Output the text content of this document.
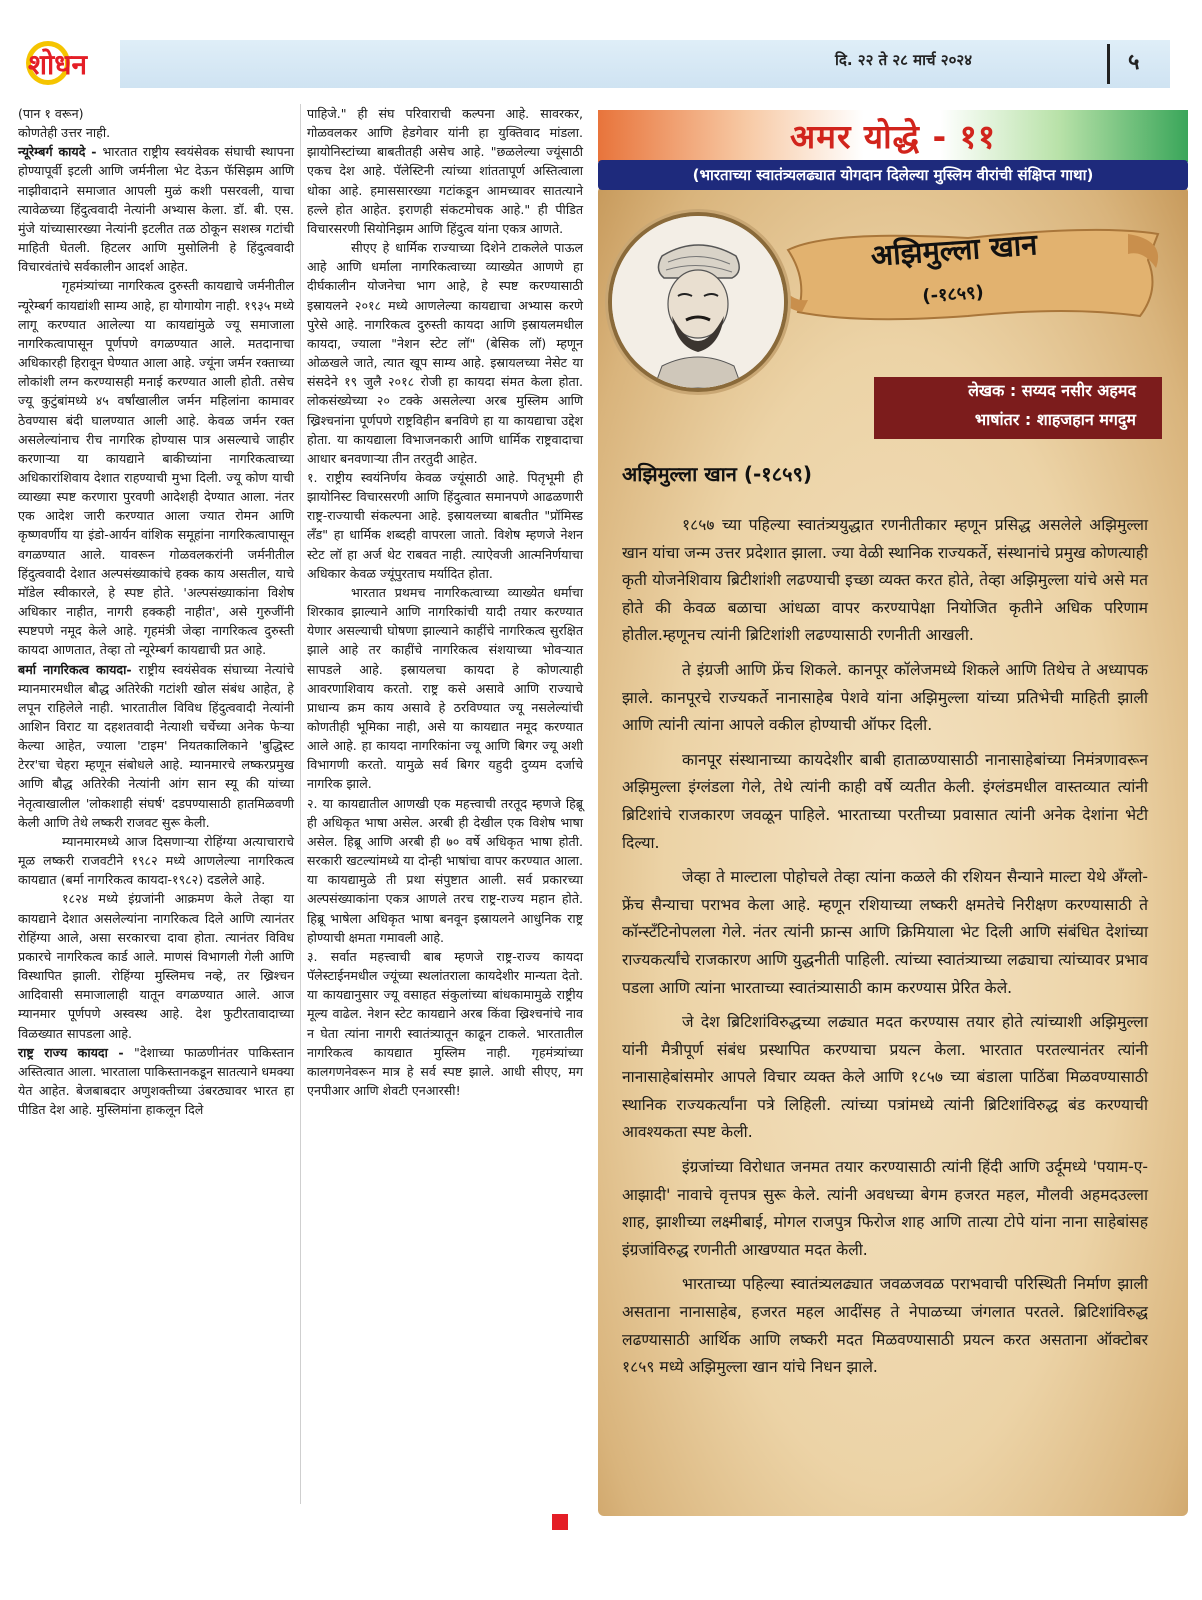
शोधन	दि. २२ ते २८ मार्च २०२४	५

(पान १ वरून)

कोणतेही उत्तर नाही.

न्यूरेम्बर्ग कायदे - भारतात राष्ट्रीय स्वयंसेवक संघाची स्थापना होण्यापूर्वी इटली आणि जर्मनीला भेट देऊन फॅसिझम आणि नाझीवादाने समाजात आपली मुळं कशी पसरवली, याचा त्यावेळच्या हिंदुत्ववादी नेत्यांनी अभ्यास केला. डॉ. बी. एस. मुंजे यांच्यासारख्या नेत्यांनी इटलीत तळ ठोकून सशस्त्र गटांची माहिती घेतली. हिटलर आणि मुसोलिनी हे हिंदुत्ववादी विचारवंतांचे सर्वकालीन आदर्श आहेत.

गृहमंत्र्यांच्या नागरिकत्व दुरुस्ती कायद्याचे जर्मनीतील न्यूरेम्बर्ग कायद्यांशी साम्य आहे, हा योगायोग नाही. १९३५ मध्ये लागू करण्यात आलेल्या या कायद्यांमुळे ज्यू समाजाला नागरिकत्वापासून पूर्णपणे वगळण्यात आले. मतदानाचा अधिकारही हिरावून घेण्यात आला आहे. ज्यूंना जर्मन रक्ताच्या लोकांशी लग्न करण्यासही मनाई करण्यात आली होती. तसेच ज्यू कुटुंबांमध्ये ४५ वर्षांखालील जर्मन महिलांना कामावर ठेवण्यास बंदी घालण्यात आली आहे. केवळ जर्मन रक्त असलेल्यांनाच रीच नागरिक होण्यास पात्र असल्याचे जाहीर करणाऱ्या या कायद्याने बाकीच्यांना नागरिकत्वाच्या अधिकारांशिवाय देशात राहण्याची मुभा दिली. ज्यू कोण याची व्याख्या स्पष्ट करणारा पुरवणी आदेशही देण्यात आला. नंतर एक आदेश जारी करण्यात आला ज्यात रोमन आणि कृष्णवर्णीय या इंडो-आर्यन वांशिक समूहांना नागरिकत्वापासून वगळण्यात आले. यावरून गोळवलकरांनी जर्मनीतील हिंदुत्ववादी देशात अल्पसंख्याकांचे हक्क काय असतील, याचे मॉडेल स्वीकारले, हे स्पष्ट होते. 'अल्पसंख्याकांना विशेष अधिकार नाहीत, नागरी हक्कही नाहीत', असे गुरुजींनी स्पष्टपणे नमूद केले आहे. गृहमंत्री जेव्हा नागरिकत्व दुरुस्ती कायदा आणतात, तेव्हा तो न्यूरेम्बर्ग कायद्याची प्रत आहे.

बर्मा नागरिकत्व कायदा- राष्ट्रीय स्वयंसेवक संघाच्या नेत्यांचे म्यानमारमधील बौद्ध अतिरेकी गटांशी खोल संबंध आहेत, हे लपून राहिलेले नाही. भारतातील विविध हिंदुत्ववादी नेत्यांनी आशिन विराट या दहशतवादी नेत्याशी चर्चेच्या अनेक फेऱ्या केल्या आहेत, ज्याला 'टाइम' नियतकालिकाने 'बुद्धिस्ट टेरर'चा चेहरा म्हणून संबोधले आहे. म्यानमारचे लष्करप्रमुख आणि बौद्ध अतिरेकी नेत्यांनी आंग सान स्यू की यांच्या नेतृत्वाखालील 'लोकशाही संघर्ष' दडपण्यासाठी हातमिळवणी केली आणि तेथे लष्करी राजवट सुरू केली.

म्यानमारमध्ये आज दिसणाऱ्या रोहिंग्या अत्याचाराचे मूळ लष्करी राजवटीने १९८२ मध्ये आणलेल्या नागरिकत्व कायद्यात (बर्मा नागरिकत्व कायदा-१९८२) दडलेले आहे.

१८२४ मध्ये इंग्रजांनी आक्रमण केले तेव्हा या कायद्याने देशात असलेल्यांना नागरिकत्व दिले आणि त्यानंतर रोहिंग्या आले, असा सरकारचा दावा होता. त्यानंतर विविध प्रकारचे नागरिकत्व कार्ड आले. माणसं विभागली गेली आणि विस्थापित झाली. रोहिंग्या मुस्लिमच नव्हे, तर ख्रिश्चन आदिवासी समाजालाही यातून वगळण्यात आले. आज म्यानमार पूर्णपणे अस्वस्थ आहे. देश फुटीरतावादाच्या विळख्यात सापडला आहे.

राष्ट्र राज्य कायदा - "देशाच्या फाळणीनंतर पाकिस्तान अस्तित्वात आला. भारताला पाकिस्तानकडून सातत्याने धमक्या येत आहेत. बेजबाबदार अणुशक्तीच्या उंबरठ्यावर भारत हा पीडित देश आहे. मुस्लिमांना हाकलून दिले

पाहिजे." ही संघ परिवाराची कल्पना आहे. सावरकर, गोळवलकर आणि हेडगेवार यांनी हा युक्तिवाद मांडला. झायोनिस्टांच्या बाबतीतही असेच आहे. "छळलेल्या ज्यूंसाठी एकच देश आहे. पॅलेस्टिनी त्यांच्या शांततापूर्ण अस्तित्वाला धोका आहे. हमाससारख्या गटांकडून आमच्यावर सातत्याने हल्ले होत आहेत. इराणही संकटमोचक आहे." ही पीडित विचारसरणी सियोनिझम आणि हिंदुत्व यांना एकत्र आणते.

सीएए हे धार्मिक राज्याच्या दिशेने टाकलेले पाऊल आहे आणि धर्माला नागरिकत्वाच्या व्याख्येत आणणे हा दीर्घकालीन योजनेचा भाग आहे, हे स्पष्ट करण्यासाठी इस्रायलने २०१८ मध्ये आणलेल्या कायद्याचा अभ्यास करणे पुरेसे आहे. नागरिकत्व दुरुस्ती कायदा आणि इस्रायलमधील कायदा, ज्याला "नेशन स्टेट लॉ" (बेसिक लॉ) म्हणून ओळखले जाते, त्यात खूप साम्य आहे. इस्रायलच्या नेसेट या संसदेने १९ जुलै २०१८ रोजी हा कायदा संमत केला होता. लोकसंख्येच्या २० टक्के असलेल्या अरब मुस्लिम आणि ख्रिश्चनांना पूर्णपणे राष्ट्रविहीन बनविणे हा या कायद्याचा उद्देश होता. या कायद्याला विभाजनकारी आणि धार्मिक राष्ट्रवादाचा आधार बनवणाऱ्या तीन तरतुदी आहेत.

१. राष्ट्रीय स्वयंनिर्णय केवळ ज्यूंसाठी आहे. पितृभूमी ही झायोनिस्ट विचारसरणी आणि हिंदुत्वात समानपणे आढळणारी राष्ट्र-राज्याची संकल्पना आहे. इस्रायलच्या बाबतीत "प्रॉमिस्ड लँड" हा धार्मिक शब्दही वापरला जातो. विशेष म्हणजे नेशन स्टेट लॉ हा अर्ज थेट राबवत नाही. त्याऐवजी आत्मनिर्णयाचा अधिकार केवळ ज्यूंपुरताच मर्यादित होता.

भारतात प्रथमच नागरिकत्वाच्या व्याख्येत धर्माचा शिरकाव झाल्याने आणि नागरिकांची यादी तयार करण्यात येणार असल्याची घोषणा झाल्याने काहींचे नागरिकत्व सुरक्षित झाले आहे तर काहींचे नागरिकत्व संशयाच्या भोवऱ्यात सापडले आहे. इस्रायलचा कायदा हे कोणत्याही आवरणाशिवाय करतो. राष्ट्र कसे असावे आणि राज्याचे प्राधान्य क्रम काय असावे हे ठरविण्यात ज्यू नसलेल्यांची कोणतीही भूमिका नाही, असे या कायद्यात नमूद करण्यात आले आहे. हा कायदा नागरिकांना ज्यू आणि बिगर ज्यू अशी विभागणी करतो. यामुळे सर्व बिगर यहुदी दुय्यम दर्जाचे नागरिक झाले.

२. या कायद्यातील आणखी एक महत्त्वाची तरतूद म्हणजे हिब्रू ही अधिकृत भाषा असेल. अरबी ही देखील एक विशेष भाषा असेल. हिब्रू आणि अरबी ही ७० वर्षे अधिकृत भाषा होती. सरकारी खटल्यांमध्ये या दोन्ही भाषांचा वापर करण्यात आला. या कायद्यामुळे ती प्रथा संपुष्टात आली. सर्व प्रकारच्या अल्पसंख्याकांना एकत्र आणले तरच राष्ट्र-राज्य महान होते. हिब्रू भाषेला अधिकृत भाषा बनवून इस्रायलने आधुनिक राष्ट्र होण्याची क्षमता गमावली आहे.

३. सर्वात महत्त्वाची बाब म्हणजे राष्ट्र-राज्य कायदा पॅलेस्टाईनमधील ज्यूंच्या स्थलांतराला कायदेशीर मान्यता देतो. या कायद्यानुसार ज्यू वसाहत संकुलांच्या बांधकामामुळे राष्ट्रीय मूल्य वाढेल. नेशन स्टेट कायद्याने अरब किंवा ख्रिश्चनांचे नाव न घेता त्यांना नागरी स्वातंत्र्यातून काढून टाकले. भारतातील नागरिकत्व कायद्यात मुस्लिम नाही. गृहमंत्र्यांच्या कालगणनेवरून मात्र हे सर्व स्पष्ट झाले. आधी सीएए, मग एनपीआर आणि शेवटी एनआरसी!

अमर योद्धे - ११
(भारताच्या स्वातंत्र्यलढ्यात योगदान दिलेल्या मुस्लिम वीरांची संक्षिप्त गाथा)
अझिमुल्ला खान
(-१८५९)
लेखक : सय्यद नसीर अहमद
भाषांतर : शाहजहान मगदुम
अझिमुल्ला खान (-१८५९)

१८५७ च्या पहिल्या स्वातंत्र्ययुद्धात रणनीतीकार म्हणून प्रसिद्ध असलेले अझिमुल्ला खान यांचा जन्म उत्तर प्रदेशात झाला. ज्या वेळी स्थानिक राज्यकर्ते, संस्थानांचे प्रमुख कोणत्याही कृती योजनेशिवाय ब्रिटीशांशी लढण्याची इच्छा व्यक्त करत होते, तेव्हा अझिमुल्ला यांचे असे मत होते की केवळ बळाचा आंधळा वापर करण्यापेक्षा नियोजित कृतीने अधिक परिणाम होतील.म्हणूनच त्यांनी ब्रिटिशांशी लढण्यासाठी रणनीती आखली.

ते इंग्रजी आणि फ्रेंच शिकले. कानपूर कॉलेजमध्ये शिकले आणि तिथेच ते अध्यापक झाले. कानपूरचे राज्यकर्ते नानासाहेब पेशवे यांना अझिमुल्ला यांच्या प्रतिभेची माहिती झाली आणि त्यांनी त्यांना आपले वकील होण्याची ऑफर दिली.

कानपूर संस्थानाच्या कायदेशीर बाबी हाताळण्यासाठी नानासाहेबांच्या निमंत्रणावरून अझिमुल्ला इंग्लंडला गेले, तेथे त्यांनी काही वर्षे व्यतीत केली. इंग्लंडमधील वास्तव्यात त्यांनी ब्रिटिशांचे राजकारण जवळून पाहिले. भारताच्या परतीच्या प्रवासात त्यांनी अनेक देशांना भेटी दिल्या.

जेव्हा ते माल्टाला पोहोचले तेव्हा त्यांना कळले की रशियन सैन्याने माल्टा येथे अँग्लो-फ्रेंच सैन्याचा पराभव केला आहे. म्हणून रशियाच्या लष्करी क्षमतेचे निरीक्षण करण्यासाठी ते कॉन्स्टँटिनोपलला गेले. नंतर त्यांनी फ्रान्स आणि क्रिमियाला भेट दिली आणि संबंधित देशांच्या राज्यकर्त्यांचे राजकारण आणि युद्धनीती पाहिली. त्यांच्या स्वातंत्र्याच्या लढ्याचा त्यांच्यावर प्रभाव पडला आणि त्यांना भारताच्या स्वातंत्र्यासाठी काम करण्यास प्रेरित केले.

जे देश ब्रिटिशांविरुद्धच्या लढ्यात मदत करण्यास तयार होते त्यांच्याशी अझिमुल्ला यांनी मैत्रीपूर्ण संबंध प्रस्थापित करण्याचा प्रयत्न केला. भारतात परतल्यानंतर त्यांनी नानासाहेबांसमोर आपले विचार व्यक्त केले आणि १८५७ च्या बंडाला पाठिंबा मिळवण्यासाठी स्थानिक राज्यकर्त्यांना पत्रे लिहिली. त्यांच्या पत्रांमध्ये त्यांनी ब्रिटिशांविरुद्ध बंड करण्याची आवश्यकता स्पष्ट केली.

इंग्रजांच्या विरोधात जनमत तयार करण्यासाठी त्यांनी हिंदी आणि उर्दूमध्ये 'पयाम-ए-आझादी' नावाचे वृत्तपत्र सुरू केले. त्यांनी अवधच्या बेगम हजरत महल, मौलवी अहमदउल्ला शाह, झाशीच्या लक्ष्मीबाई, मोगल राजपुत्र फिरोज शाह आणि तात्या टोपे यांना नाना साहेबांसह इंग्रजांविरुद्ध रणनीती आखण्यात मदत केली.

भारताच्या पहिल्या स्वातंत्र्यलढ्यात जवळजवळ पराभवाची परिस्थिती निर्माण झाली असताना नानासाहेब, हजरत महल आदींसह ते नेपाळच्या जंगलात परतले. ब्रिटिशांविरुद्ध लढण्यासाठी आर्थिक आणि लष्करी मदत मिळवण्यासाठी प्रयत्न करत असताना ऑक्टोबर १८५९ मध्ये अझिमुल्ला खान यांचे निधन झाले.
